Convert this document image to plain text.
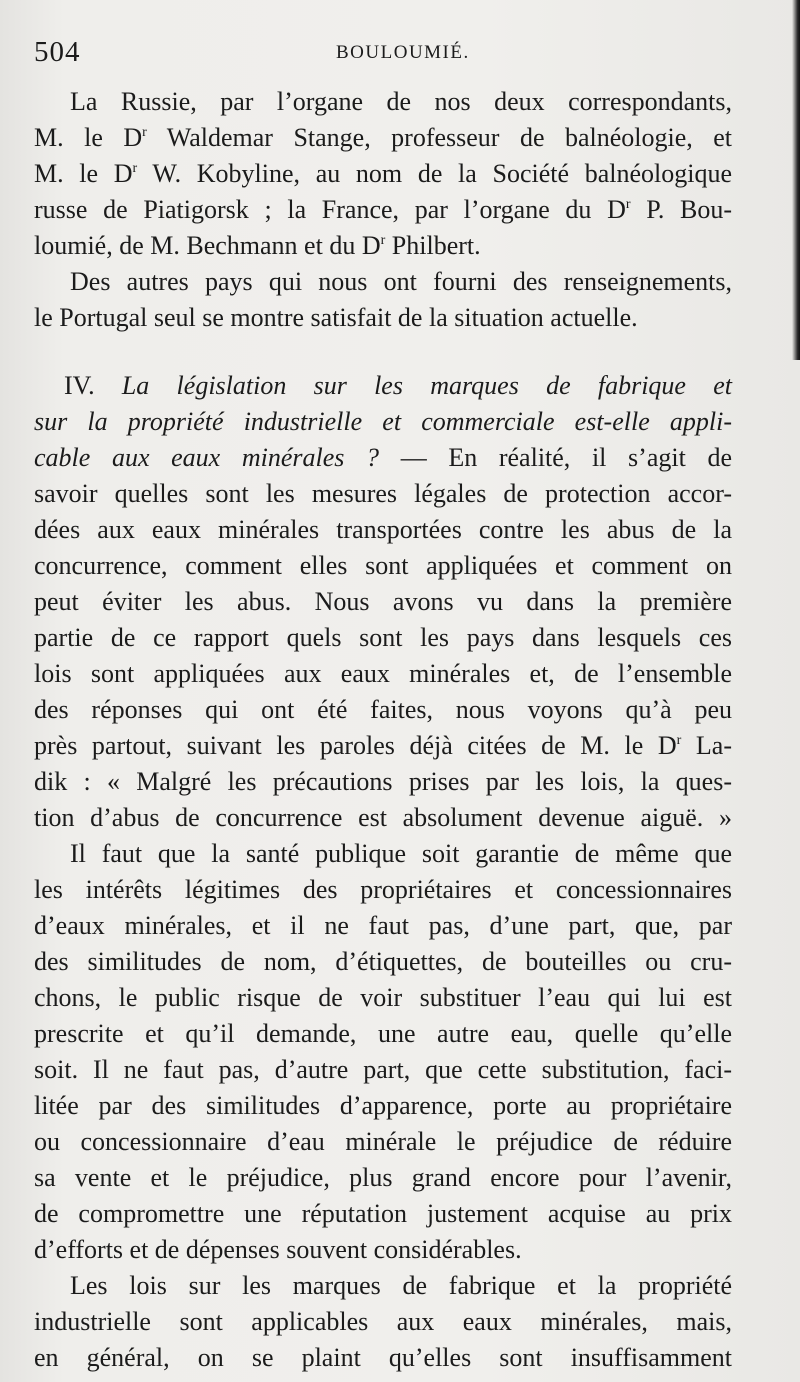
504	BOULOUMIÉ.
La Russie, par l’organe de nos deux correspondants,
M. le $D^r$ Waldemar Stange, professeur de balnéologie, et
M. le $D^r$ W. Kobyline, au nom de la Société balnéologique
russe de Piatigorsk ; la France, par l’organe du $D^r$ P. Bou-
loumié, de M. Bechmann et du $D^r$ Philbert.
Des autres pays qui nous ont fourni des renseignements,
le Portugal seul se montre satisfait de la situation actuelle.
IV. La législation sur les marques de fabrique et
sur la propriété industrielle et commerciale est-elle appli-
cable aux eaux minérales ? — En réalité, il s’agit de
savoir quelles sont les mesures légales de protection accor-
dées aux eaux minérales transportées contre les abus de la
concurrence, comment elles sont appliquées et comment on
peut éviter les abus. Nous avons vu dans la première
partie de ce rapport quels sont les pays dans lesquels ces
lois sont appliquées aux eaux minérales et, de l’ensemble
des réponses qui ont été faites, nous voyons qu’à peu
près partout, suivant les paroles déjà citées de M. le $D^r$ La-
dik : « Malgré les précautions prises par les lois, la ques-
tion d’abus de concurrence est absolument devenue aiguë. »
Il faut que la santé publique soit garantie de même que
les intérêts légitimes des propriétaires et concessionnaires
d’eaux minérales, et il ne faut pas, d’une part, que, par
des similitudes de nom, d’étiquettes, de bouteilles ou cru-
chons, le public risque de voir substituer l’eau qui lui est
prescrite et qu’il demande, une autre eau, quelle qu’elle
soit. Il ne faut pas, d’autre part, que cette substitution, faci-
litée par des similitudes d’apparence, porte au propriétaire
ou concessionnaire d’eau minérale le préjudice de réduire
sa vente et le préjudice, plus grand encore pour l’avenir,
de compromettre une réputation justement acquise au prix
d’efforts et de dépenses souvent considérables.
Les lois sur les marques de fabrique et la propriété
industrielle sont applicables aux eaux minérales, mais,
en général, on se plaint qu’elles sont insuffisamment
